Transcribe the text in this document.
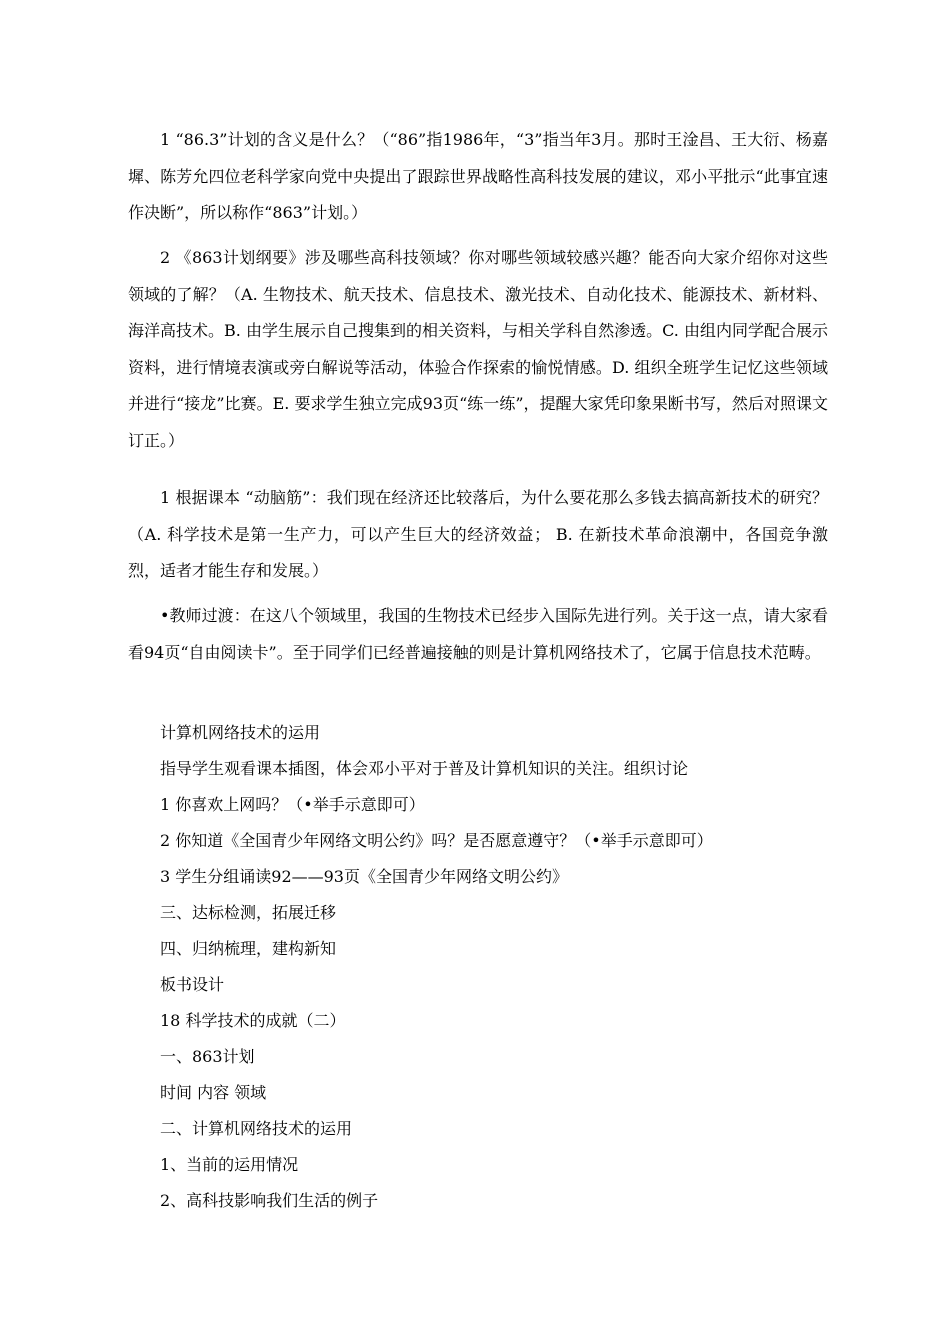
1 “86.3”计划的含义是什么？（“86”指1986年，“3”指当年3月。那时王淦昌、王大衍、杨嘉墀、陈芳允四位老科学家向党中央提出了跟踪世界战略性高科技发展的建议，邓小平批示“此事宜速作决断”，所以称作“863”计划。）

2 《863计划纲要》涉及哪些高科技领域？你对哪些领域较感兴趣？能否向大家介绍你对这些领域的了解？（A. 生物技术、航天技术、信息技术、激光技术、自动化技术、能源技术、新材料、海洋高技术。B. 由学生展示自己搜集到的相关资料，与相关学科自然渗透。C. 由组内同学配合展示资料，进行情境表演或旁白解说等活动，体验合作探索的愉悦情感。D. 组织全班学生记忆这些领域并进行“接龙”比赛。E. 要求学生独立完成93页“练一练”，提醒大家凭印象果断书写，然后对照课文订正。）

1 根据课本 “动脑筋”：我们现在经济还比较落后，为什么要花那么多钱去搞高新技术的研究？（A. 科学技术是第一生产力，可以产生巨大的经济效益； B. 在新技术革命浪潮中，各国竞争激烈，适者才能生存和发展。）

•教师过渡：在这八个领域里，我国的生物技术已经步入国际先进行列。关于这一点，请大家看看94页“自由阅读卡”。至于同学们已经普遍接触的则是计算机网络技术了，它属于信息技术范畴。

计算机网络技术的运用

指导学生观看课本插图，体会邓小平对于普及计算机知识的关注。组织讨论

1 你喜欢上网吗？（•举手示意即可）

2 你知道《全国青少年网络文明公约》吗？是否愿意遵守？（•举手示意即可）

3 学生分组诵读92——93页《全国青少年网络文明公约》

三、达标检测，拓展迁移

四、归纳梳理，建构新知

板书设计

18 科学技术的成就（二）

一、863计划

时间 内容 领域

二、计算机网络技术的运用

1、当前的运用情况

2、高科技影响我们生活的例子
